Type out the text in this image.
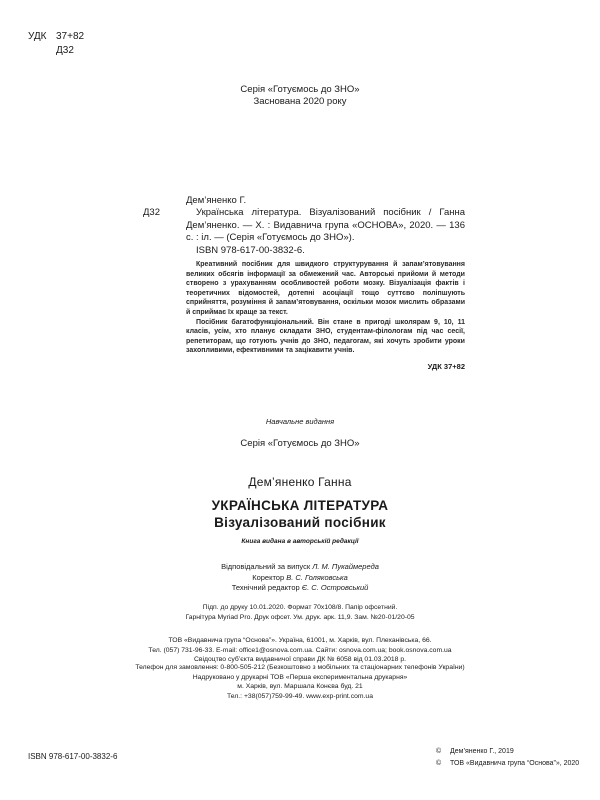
УДК 37+82
Д32
Серія «Готуємось до ЗНО»
Заснована 2020 року
Дем’яненко Г.
Д32	Українська література. Візуалізований посібник / Ганна Дем’яненко. — Х. : Видавнича група «ОСНОВА», 2020. — 136 с. : іл. — (Серія «Готуємось до ЗНО»).
ISBN 978-617-00-3832-6.

Креативний посібник для швидкого структурування й запам’ятовування великих обсягів інформації за обмежений час. Авторські прийоми й методи створено з урахуванням особливостей роботи мозку. Візуалізація фактів і теоретичних відомостей, дотепні асоціації тощо суттєво поліпшують сприйняття, розуміння й запам’ятовування, оскільки мозок мислить образами й сприймає їх краще за текст.

Посібник багатофункціональний. Він стане в пригоді школярам 9, 10, 11 класів, усім, хто планує складати ЗНО, студентам-філологам під час сесії, репетиторам, що готують учнів до ЗНО, педагогам, які хочуть зробити уроки захопливими, ефективними та зацікавити учнів.

УДК 37+82
Навчальне видання
Серія «Готуємось до ЗНО»
Дем’яненко Ганна
УКРАЇНСЬКА ЛІТЕРАТУРА
Візуалізований посібник
Книга видана в авторській редакції
Відповідальний за випуск Л. М. Пукаймереда
Коректор В. С. Голяковська
Технічний редактор Є. С. Островський
Підп. до друку 10.01.2020. Формат 70х108/8. Папір офсетний.
Гарнітура Myriad Pro. Друк офсет. Ум. друк. арк. 11,9. Зам. №20-01/20-05
ТОВ «Видавнича група “Основа”». Україна, 61001, м. Харків, вул. Плеханівська, 66.
Тел. (057) 731-96-33. E-mail: office1@osnova.com.ua. Сайти: osnova.com.ua; book.osnova.com.ua
Свідоцтво суб’єкта видавничої справи ДК № 6058 від 01.03.2018 р.
Телефон для замовлення: 0-800-505-212 (Безкоштовно з мобільних та стаціонарних телефонів України)
Надруковано у друкарні ТОВ «Перша експериментальна друкарня»
м. Харків, вул. Маршала Конєва буд. 21
Тел.: +38(057)759-99-49. www.exp-print.com.ua
ISBN 978-617-00-3832-6
© Дем’яненко Г., 2019
© ТОВ «Видавнича група “Основа”», 2020
